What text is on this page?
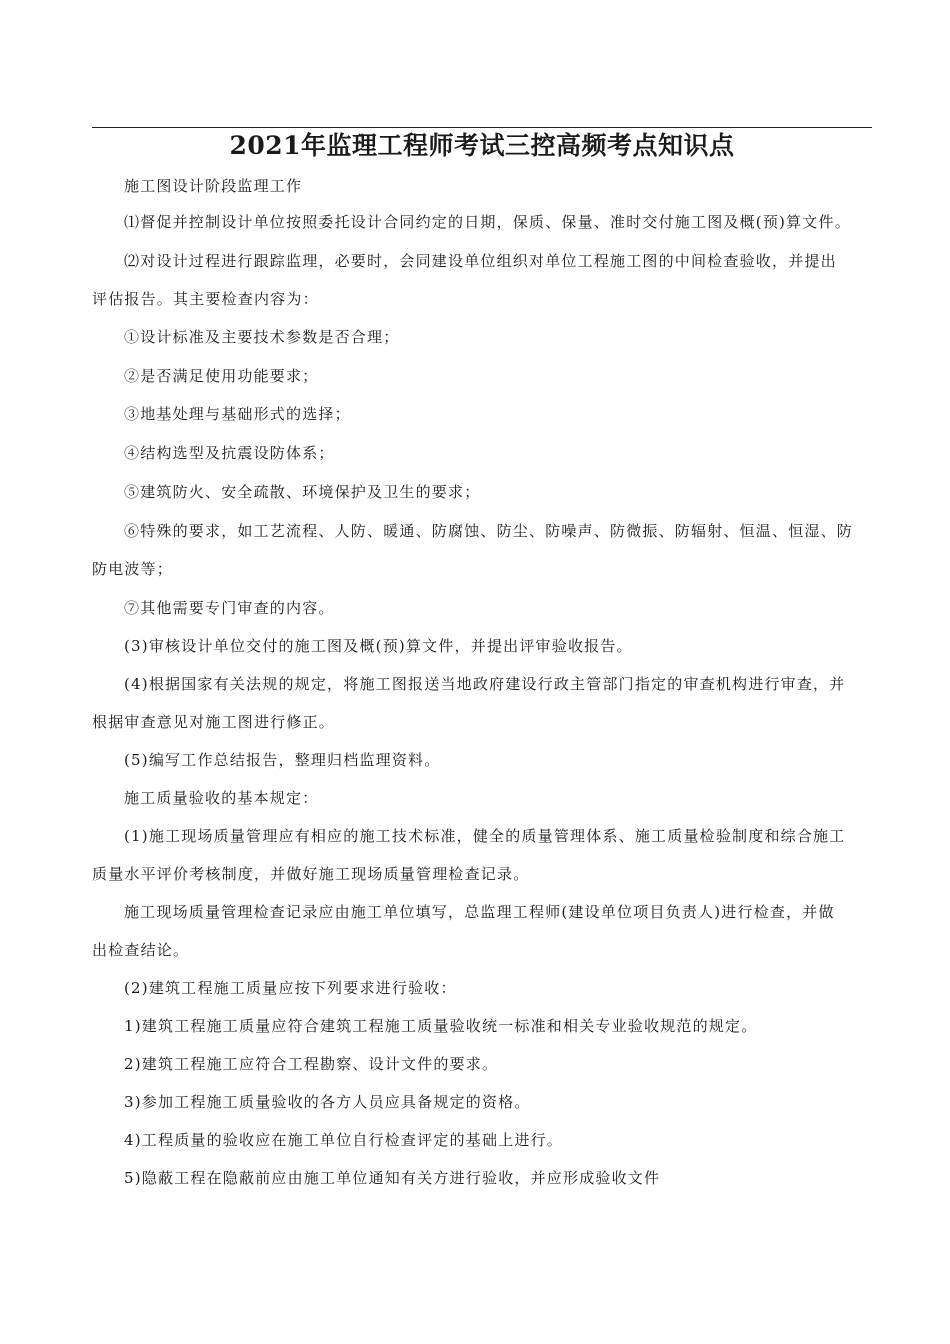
2021年监理工程师考试三控高频考点知识点
施工图设计阶段监理工作
⑴督促并控制设计单位按照委托设计合同约定的日期，保质、保量、准时交付施工图及概(预)算文件。
⑵对设计过程进行跟踪监理，必要时，会同建设单位组织对单位工程施工图的中间检查验收，并提出
评估报告。其主要检查内容为：
①设计标准及主要技术参数是否合理；
②是否满足使用功能要求；
③地基处理与基础形式的选择；
④结构选型及抗震设防体系；
⑤建筑防火、安全疏散、环境保护及卫生的要求；
⑥特殊的要求，如工艺流程、人防、暖通、防腐蚀、防尘、防噪声、防微振、防辐射、恒温、恒湿、防
防电波等；
⑦其他需要专门审查的内容。
(3)审核设计单位交付的施工图及概(预)算文件，并提出评审验收报告。
(4)根据国家有关法规的规定，将施工图报送当地政府建设行政主管部门指定的审查机构进行审查，并
根据审查意见对施工图进行修正。
(5)编写工作总结报告，整理归档监理资料。
施工质量验收的基本规定：
(1)施工现场质量管理应有相应的施工技术标准，健全的质量管理体系、施工质量检验制度和综合施工
质量水平评价考核制度，并做好施工现场质量管理检查记录。
施工现场质量管理检查记录应由施工单位填写，总监理工程师(建设单位项目负责人)进行检查，并做
出检查结论。
(2)建筑工程施工质量应按下列要求进行验收：
1)建筑工程施工质量应符合建筑工程施工质量验收统一标准和相关专业验收规范的规定。
2)建筑工程施工应符合工程勘察、设计文件的要求。
3)参加工程施工质量验收的各方人员应具备规定的资格。
4)工程质量的验收应在施工单位自行检查评定的基础上进行。
5)隐蔽工程在隐蔽前应由施工单位通知有关方进行验收，并应形成验收文件
